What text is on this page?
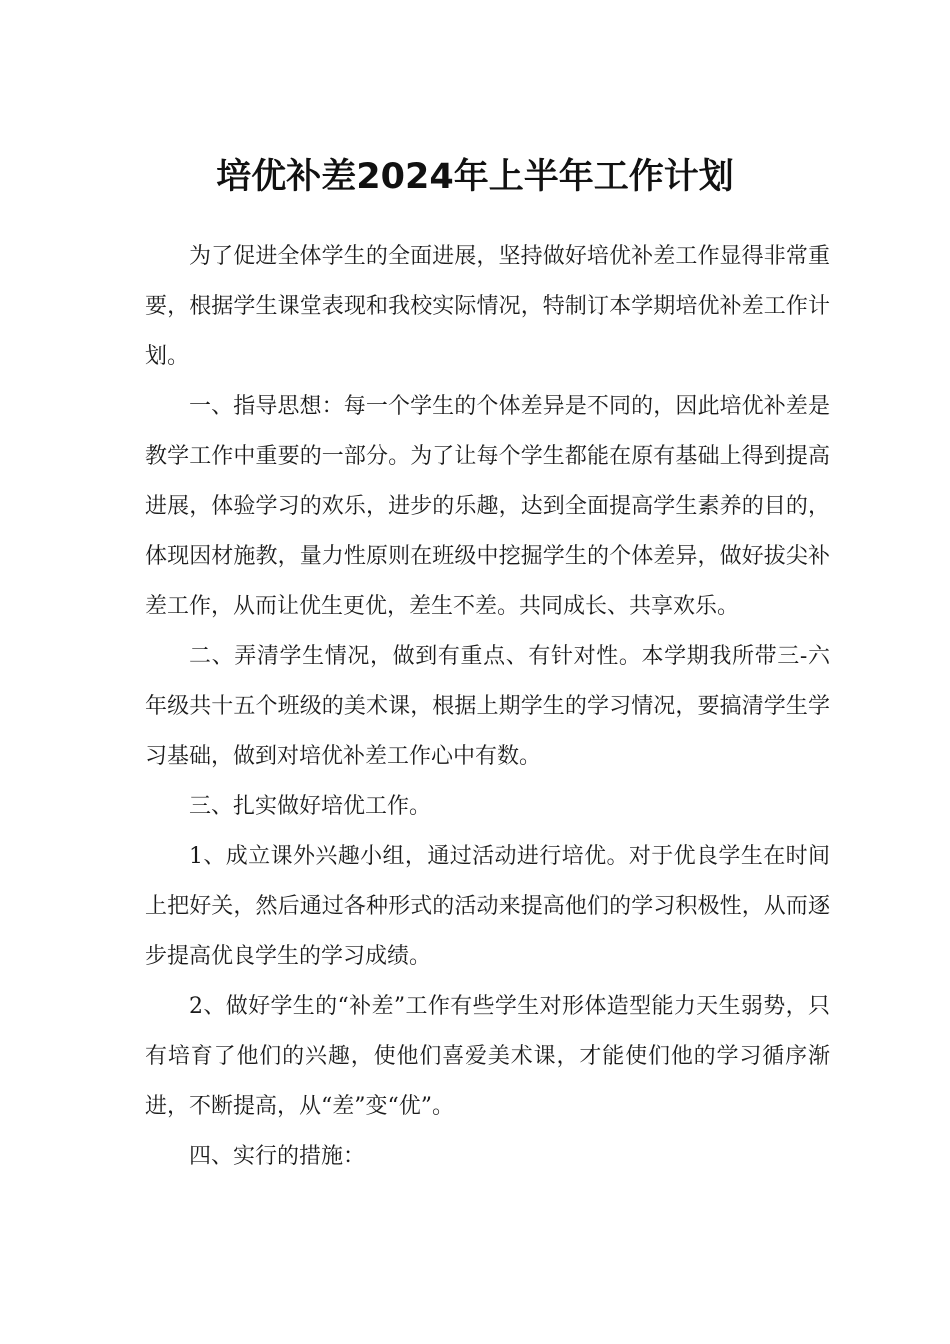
培优补差2024年上半年工作计划

为了促进全体学生的全面进展，坚持做好培优补差工作显得非常重要，根据学生课堂表现和我校实际情况，特制订本学期培优补差工作计划。

一、指导思想：每一个学生的个体差异是不同的，因此培优补差是教学工作中重要的一部分。为了让每个学生都能在原有基础上得到提高进展，体验学习的欢乐，进步的乐趣，达到全面提高学生素养的目的，体现因材施教，量力性原则在班级中挖掘学生的个体差异，做好拔尖补差工作，从而让优生更优，差生不差。共同成长、共享欢乐。

二、弄清学生情况，做到有重点、有针对性。本学期我所带三-六年级共十五个班级的美术课，根据上期学生的学习情况，要搞清学生学习基础，做到对培优补差工作心中有数。

三、扎实做好培优工作。

1、成立课外兴趣小组，通过活动进行培优。对于优良学生在时间上把好关，然后通过各种形式的活动来提高他们的学习积极性，从而逐步提高优良学生的学习成绩。

2、做好学生的“补差”工作有些学生对形体造型能力天生弱势，只有培育了他们的兴趣，使他们喜爱美术课，才能使们他的学习循序渐进，不断提高，从“差”变“优”。

四、实行的措施：
